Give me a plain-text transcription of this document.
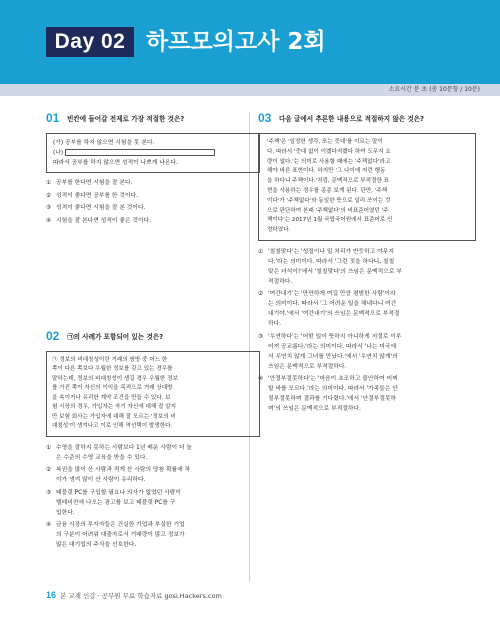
Day 02 하프모의고사 2회
소요시간 분 초 (총 10문항 / 10분)
01 빈칸에 들어갈 전제로 가장 적절한 것은?
(가) 공부를 하지 않으면 시험을 못 본다.
(나)
따라서 공부를 하지 않으면 성적이 나쁘게 나온다.
① 공부를 한다면 시험을 잘 본다.
② 성적이 좋다면 공부를 한 것이다.
③ 성적이 좋다면 시험을 잘 본 것이다.
④ 시험을 잘 본다면 성적이 좋은 것이다.
02 ㉠의 사례가 포함되어 있는 것은?
㉠ 정보의 비대칭성이란 거래의 쌍방 중 어느 한
쪽이 다른 쪽보다 우월한 정보를 갖고 있는 경우를
말하는데, 정보의 비대칭성이 생길 경우 우월한 정보
를 가진 쪽이 자신의 이익을 목적으로 거래 상대방
을 속이거나 유리한 계약 조건을 만들 수 있다. 보
험 시장의 경우, 가입자는 자기 자신에 대해 잘 알지
만 보험 회사는 가입자에 대해 잘 모르는 '정보의 비
대칭성'이 생겨나고 이로 인해 역선택이 발생한다.
① 수영을 잘하지 못하는 사람보다 1년 배운 사람이 더 높
은 수준의 수영 교육을 받을 수 있다.
② 복권을 많이 산 사람과 적게 산 사람의 당첨 확률에 차
이가 생겨 많이 산 사람이 유리하다.
③ 태블릿 PC를 구입할 필요나 의사가 없었던 사람이
텔레비전에 나오는 광고를 보고 태블릿 PC를 구
입한다.
④ 금융 시장의 투자자들은 건실한 기업과 부실한 기업
의 구분이 어려워 대출자로서 거래량이 많고 정보가
많은 대기업의 주식을 선호한다.
03 다음 글에서 추론한 내용으로 적절하지 않은 것은?
'주책'은 '일정한 생각, 또는 줏대'를 이르는 말이
다. 따라서 '줏대 없이 이랬다저랬다 하여 도무지 요
량이 없다.'는 의미로 사용할 때에는 '주책없다'라고
해야 바른 표현이다. 하지만 '그 나이에 저런 행동
을 하다니 주책이다.'처럼, 문맥적으로 부적절한 표
현을 사용하는 경우를 종종 보게 된다. 단만, '주책
이다'가 '주책없다'와 동일한 뜻으로 널리 쓰이는 것
으로 판단하여 본래 '주책없다'의 비표준어였던 '주
책이다'는 2017년 1월 국립국어원에서 표준어로 인
정하였다.
① '칠칠맞다'는 '성질이나 일 처리가 반듯하고 야무지
다.'라는 의미이다. 따라서 '그런 짓을 하다니, 칠칠
맞은 녀석이!'에서 '칠칠맞다'의 쓰임은 문맥적으로 부
적절하다.
② '여간내기'는 '만만하게 여길 만큼 평범한 사람'이라
는 의미이다. 따라서 '그 어려운 일을 해내다니 여간
내기야.'에서 '여간내기'의 쓰임은 문맥적으로 부적절
하다.
③ '우연하다'는 '어떤 일이 뜻하지 아니하게 저절로 이루
어져 공교롭다.'라는 의미이다. 따라서 '나는 미국에
서 우연치 않게 그녀를 만났다.'에서 '우연치 않게'의
쓰임은 문맥적으로 부적절하다.
④ '안절부절못하다'는 '마음이 초조하고 불안하여 어찌
할 바를 모르다.'라는 의미이다. 따라서 '가족들은 안
절부절못하며 결과를 기다렸다.'에서 '안절부절못하
며'의 쓰임은 문맥적으로 부적절하다.
16 본 교재 인강 · 공무원 무료 학습자료 gosi.Hackers.com
